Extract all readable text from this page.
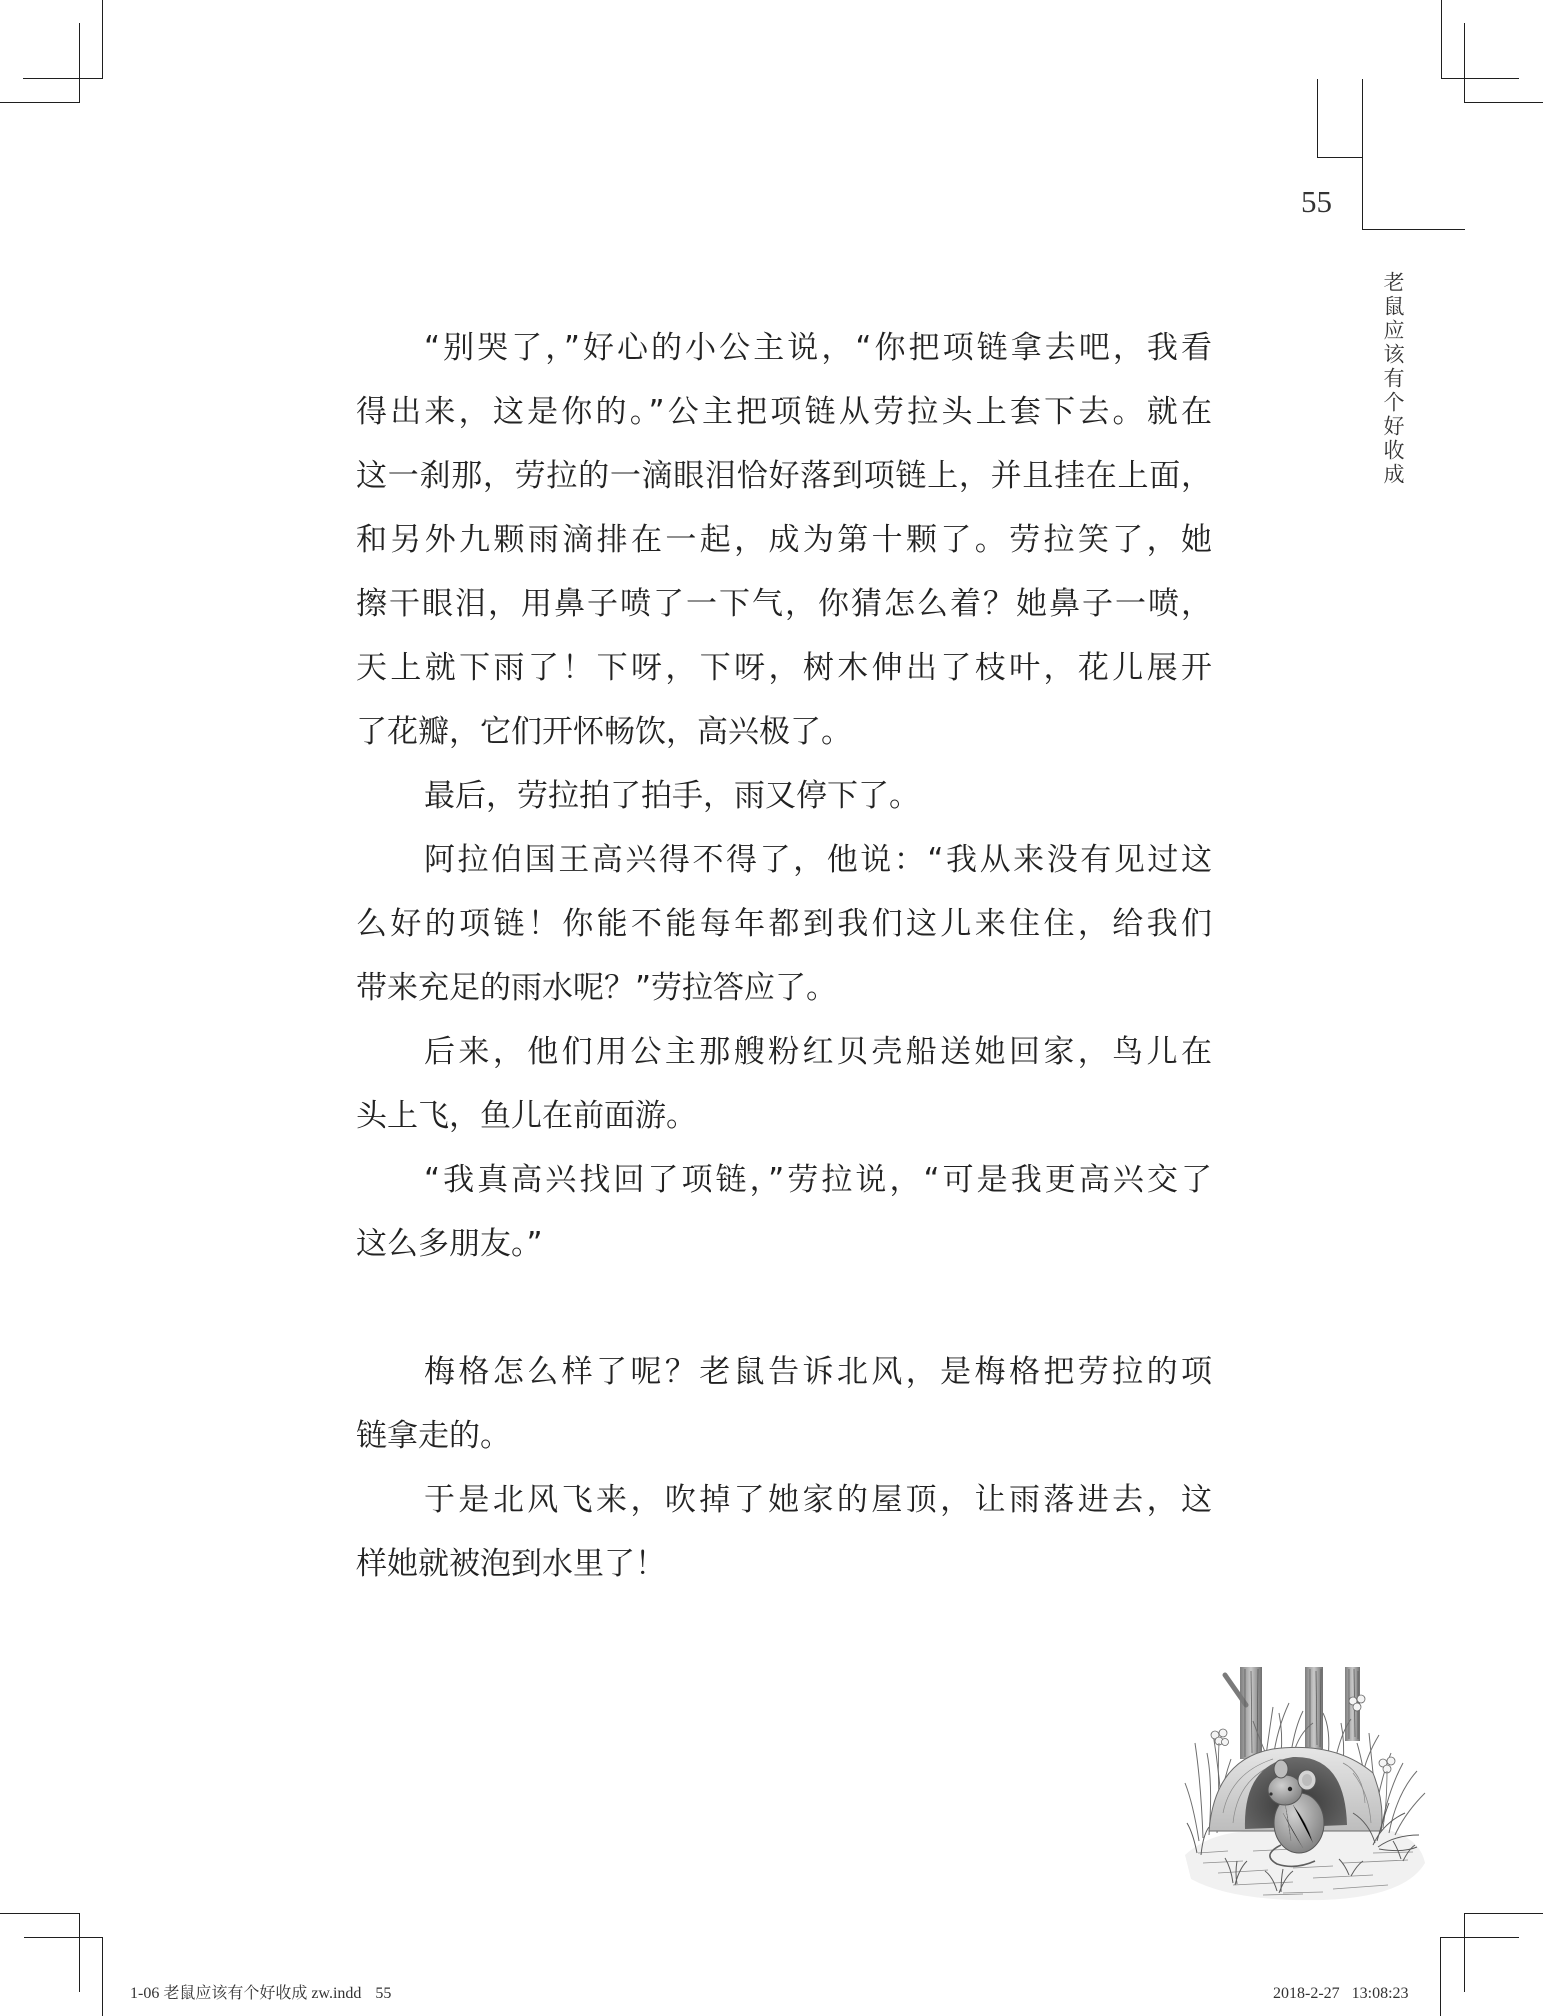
55
老鼠应该有个好收成
“别哭了，”好心的小公主说，“你把项链拿去吧，我看
得出来，这是你的。”公主把项链从劳拉头上套下去。就在
这一刹那，劳拉的一滴眼泪恰好落到项链上，并且挂在上面，
和另外九颗雨滴排在一起，成为第十颗了。劳拉笑了，她
擦干眼泪，用鼻子喷了一下气，你猜怎么着？她鼻子一喷，
天上就下雨了！下呀，下呀，树木伸出了枝叶，花儿展开
了花瓣，它们开怀畅饮，高兴极了。
最后，劳拉拍了拍手，雨又停下了。
阿拉伯国王高兴得不得了，他说：“我从来没有见过这
么好的项链！你能不能每年都到我们这儿来住住，给我们
带来充足的雨水呢？”劳拉答应了。
后来，他们用公主那艘粉红贝壳船送她回家，鸟儿在
头上飞，鱼儿在前面游。
“我真高兴找回了项链，”劳拉说，“可是我更高兴交了
这么多朋友。”
梅格怎么样了呢？老鼠告诉北风，是梅格把劳拉的项
链拿走的。
于是北风飞来，吹掉了她家的屋顶，让雨落进去，这
样她就被泡到水里了！
1-06 老鼠应该有个好收成 zw.indd 55	2018-2-27   13:08:23
